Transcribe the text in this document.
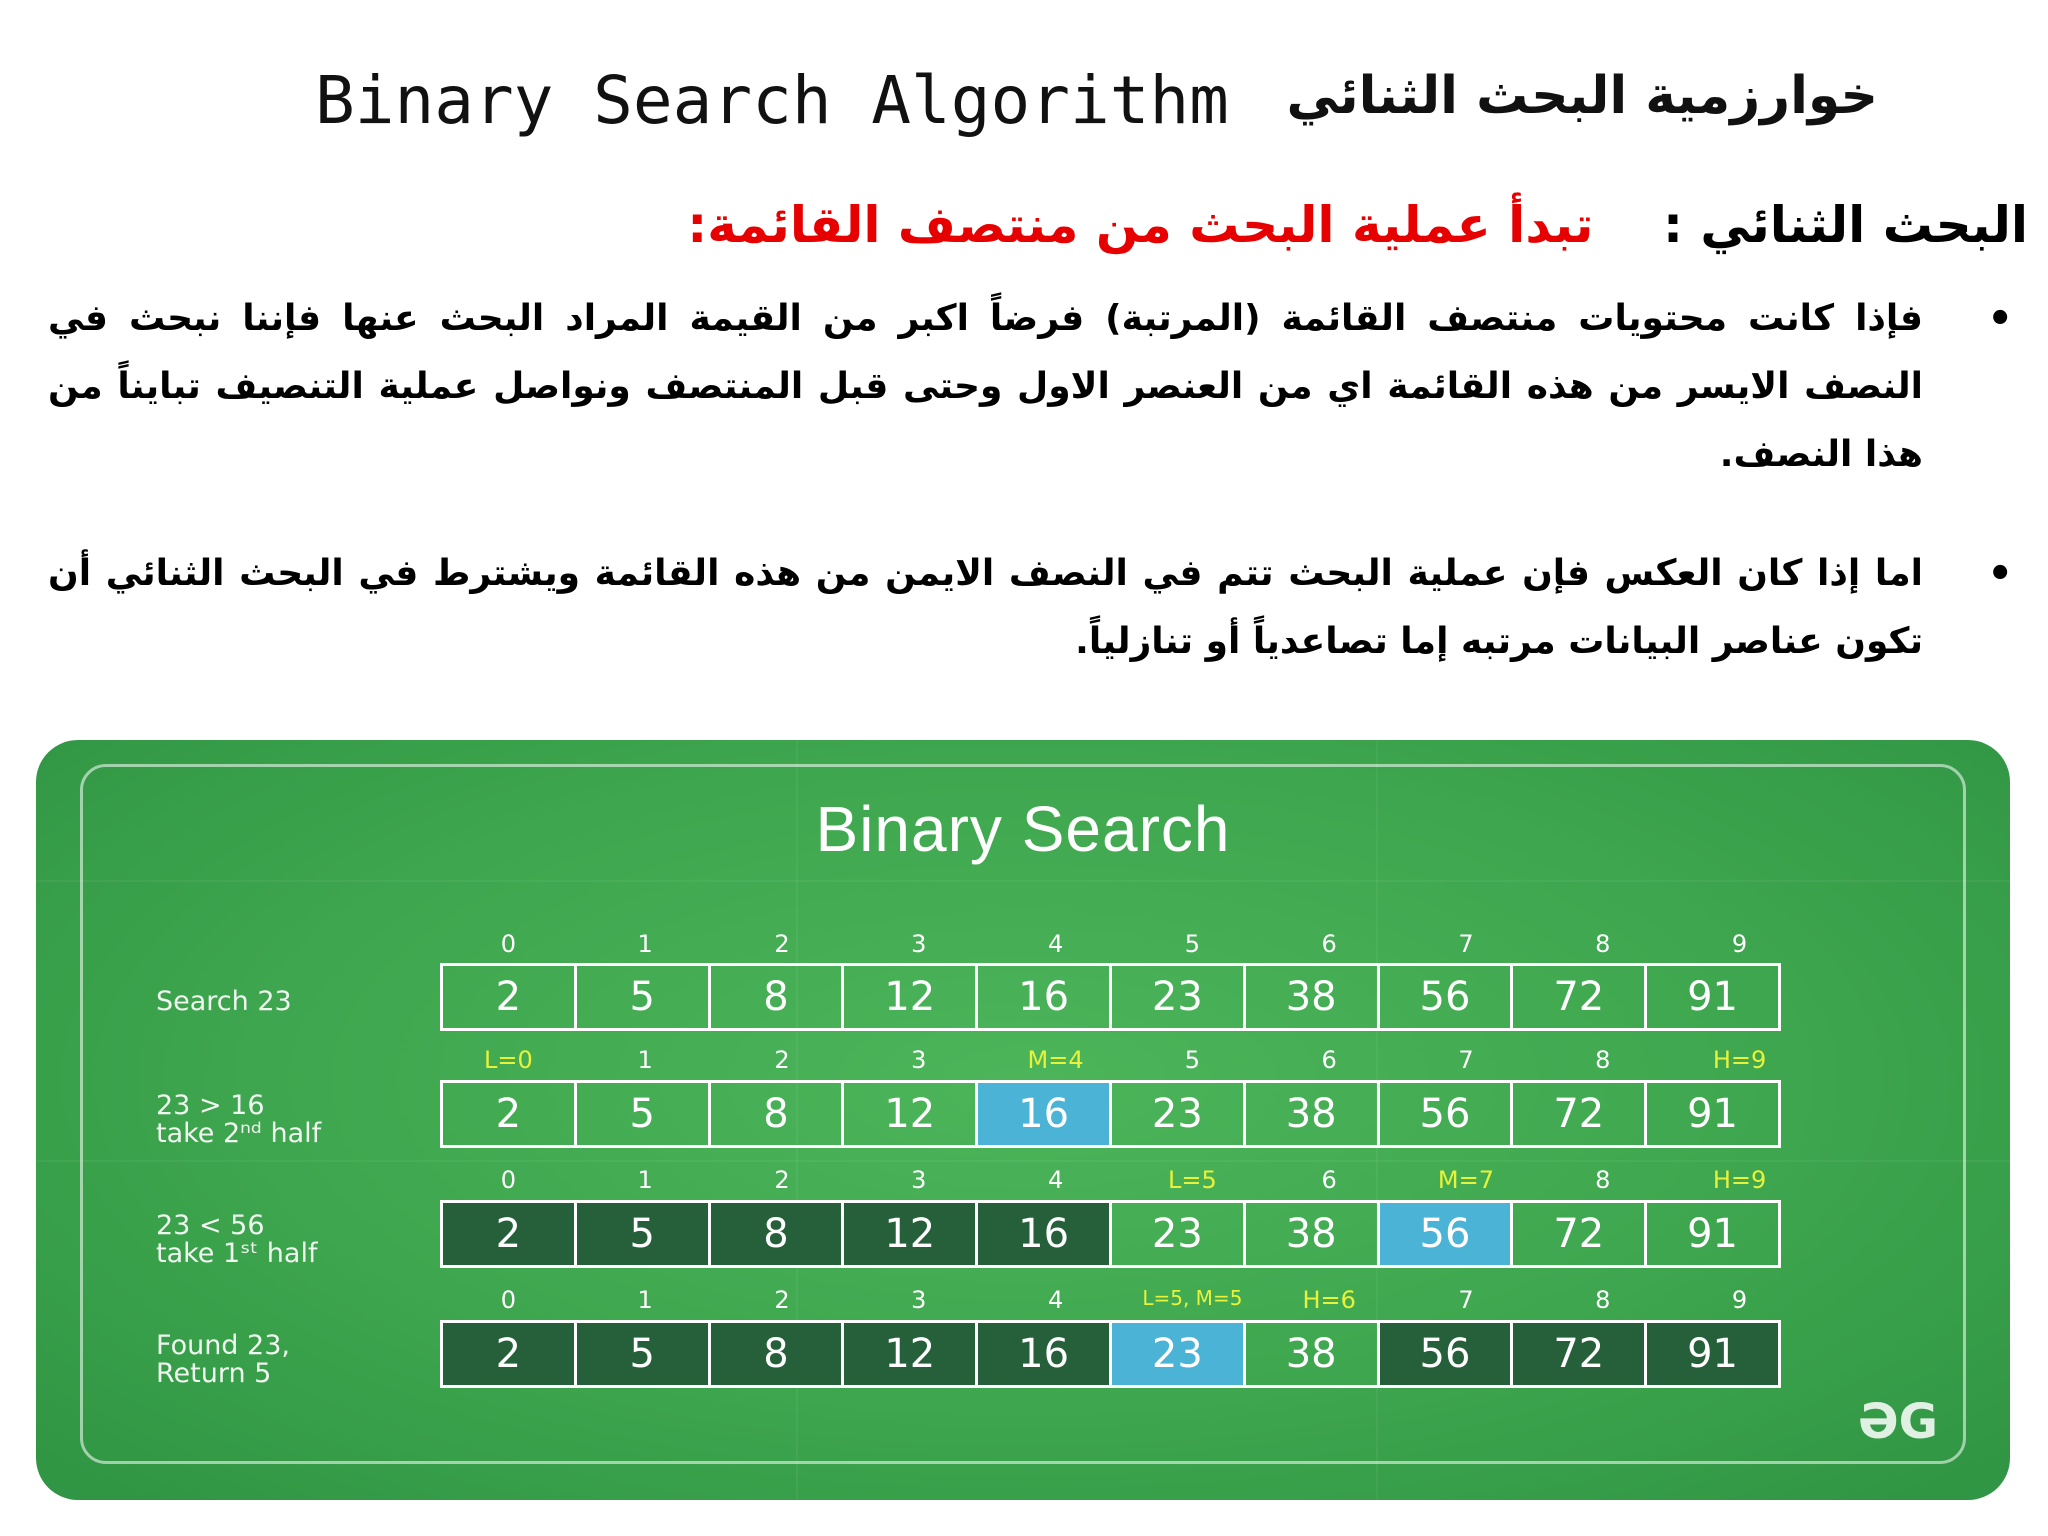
Binary Search Algorithm خوارزمية البحث الثنائي
البحث الثنائي :    تبدأ عملية البحث من منتصف القائمة:
•
فإذا كانت محتويات منتصف القائمة (المرتبة) فرضاً اكبر من القيمة المراد البحث عنها فإننا نبحث في النصف الايسر من هذه القائمة اي من العنصر الاول وحتى قبل المنتصف ونواصل عملية التنصيف تبايناً من هذا النصف.
•
اما إذا كان العكس فإن عملية البحث تتم في النصف الايمن من هذه القائمة ويشترط في البحث الثنائي أن تكون عناصر البيانات مرتبه إما تصاعدياً أو تنازلياً.
Binary Search
0	1	2	3	4	5	6	7	8	9
Search 23	2	5	8	12	16	23	38	56	72	91
L=0	1	2	3	M=4	5	6	7	8	H=9
23 > 16
take 2ⁿᵈ half	2	5	8	12	16	23	38	56	72	91
0	1	2	3	4	L=5	6	M=7	8	H=9
23 < 56
take 1ˢᵗ half	2	5	8	12	16	23	38	56	72	91
0	1	2	3	4	L=5, M=5	H=6	7	8	9
Found 23,
Return 5	2	5	8	12	16	23	38	56	72	91
ƏG
